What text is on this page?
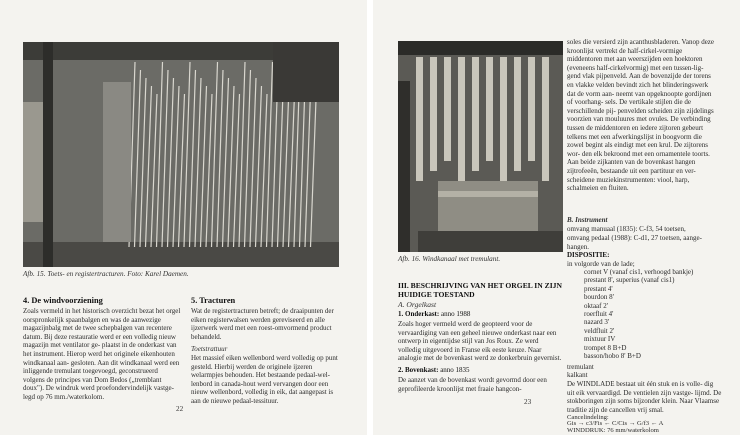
Afb. 15. Toets- en registertracturen. Foto: Karel Daemen.
4. De windvoorziening
Zoals vermeld in het historisch overzicht bezat het orgel oorspronkelijk spaanbalgen en was de aanwezige magazijnbalg met de twee schepbalgen van recentere datum. Bij deze restauratie werd er een volledig nieuw magazijn met ventilator ge- plaatst in de onderkast van het instrument. Hierop werd het originele eikenhouten windkanaal aan- gesloten. Aan dit windkanaal werd een inliggende tremulant toegevoegd, geconstrueerd volgens de principes van Dom Bedos („tremblant doux"). De windruk werd proefondervindelijk vastge- legd op 76 mm./waterkolom.
5. Tracturen
Wat de registertracturen betreft; de draaipunten der eiken registerwalsen werden gereviseerd en alle ijzerwerk werd met een roest-omvormend product behandeld.
Toetstrattuur
Het massief eiken wellenbord werd volledig op punt gesteld. Hierbij werden de originele ijzeren welarmpjes behouden. Het bestaande pedaal-wel- lenbord in canada-hout werd vervangen door een nieuw wellenbord, volledig in eik, dat aangepast is aan de nieuwe pedaal-tessituur.
22
Afb. 16. Windkanaal met tremulant.
III. BESCHRIJVING VAN HET ORGEL IN ZIJN HUIDIGE TOESTAND
A. Orgelkast
1. Onderkast: anno 1988
Zoals hoger vermeld werd de geopteerd voor de vervaardiging van een geheel nieuwe onderkast naar een ontwerp in eigentijdse stijl van Jos Roux. Ze werd volledig uitgevoerd in Franse eik eeste keuze. Naar analogie met de bovenkast werd ze donkerbruin gevernist.
2. Bovenkast: anno 1835
De aanzet van de bovenkast wordt gevormd door een geprofileerde kroonlijst met fraaie hangcon-
soles die versierd zijn acanthusbladeren. Vanop deze kroonlijst vertrekt de half-cirkel-vormige middentoren met aan weerszijden een hoektoren (eveneens half-cirkelvormig) met een tussen-lig- gend vlak pijpenveld. Aan de bovenzijde der torens en vlakke velden bevindt zich het blinderingswerk dat de vorm aan- neemt van opgeknoopte gordijnen of voorhang- sels. De vertikale stijlen die de verschillende pij- penvelden scheiden zijn zijdelings voorzien van mouluures met ovules. De verbinding tussen de middentoren en iedere zijtoren gebeurt telkens met een afwerkingslijst in boogvorm die zowel begint als eindigt met een krul. De zijtorens wor- den elk bekroond met een ornamentele toorts. Aan beide zijkanten van de bovenkast hangen zijtrofeeën, bestaande uit een partituur en ver- scheidene muziekinstrumenten: viool, harp, schalmeien en fluiten.
B. Instrument
omvang manuaal (1835): C-f3, 54 toetsen,
omvang pedaal (1988): C-d1, 27 toetsen, aange- hangen.
DISPOSITIE:
in volgorde van de lade;
cornet V (vanaf cis1, verhoogd bankje)
prestant 8', superius (vanaf cis1)
prestant 4'
bourdon 8'
oktaaf 2'
roerfluit 4'
nazard 3'
veldfluit 2'
mixtuur IV
trompet 8 B+D
basson/hobo 8' B+D
tremulant
kalkant
De WINDLADE bestaat uit één stuk en is volle- dig uit eik vervaardigd. De ventielen zijn vastge- lijmd. De stokboringen zijn soms bijzonder klein. Naar Vlaamse traditie zijn de cancellen vrij smal.
Cancelindeling:
Gis → c3/Fis ← C/Cis → G/f3 ← A
WINDDRUK: 76 mm/waterkolom
23
